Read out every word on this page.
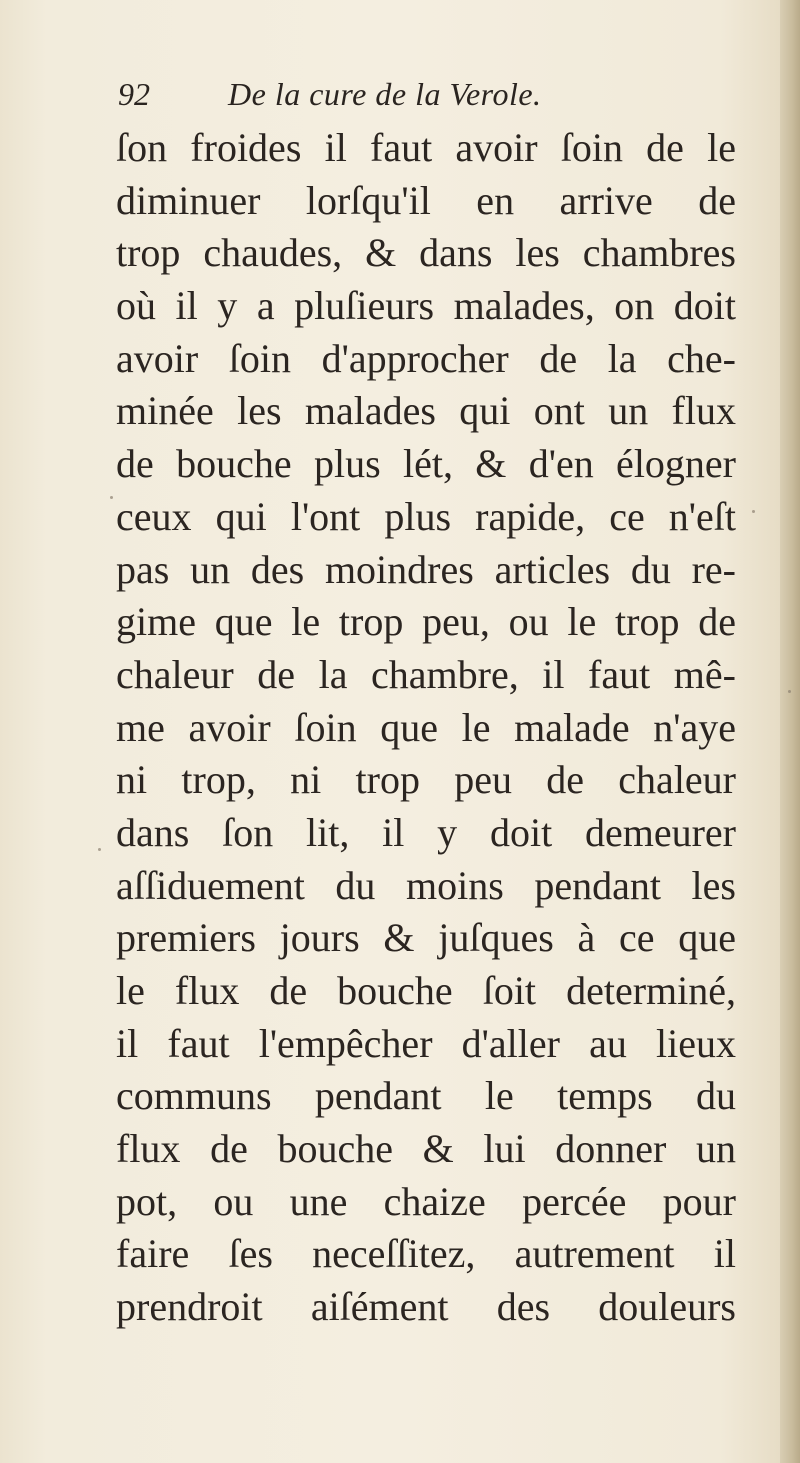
92 De la cure de la Verole.
ſon froides il faut avoir ſoin de le
diminuer lorſqu'il en arrive de
trop chaudes, & dans les chambres
où il y a pluſieurs malades, on doit
avoir ſoin d'approcher de la che-
minée les malades qui ont un flux
de bouche plus lét, & d'en élogner
ceux qui l'ont plus rapide, ce n'eſt
pas un des moindres articles du re-
gime que le trop peu, ou le trop de
chaleur de la chambre, il faut mê-
me avoir ſoin que le malade n'aye
ni trop, ni trop peu de chaleur
dans ſon lit, il y doit demeurer
aſſiduement du moins pendant les
premiers jours & juſques à ce que
le flux de bouche ſoit determiné,
il faut l'empêcher d'aller au lieux
communs pendant le temps du
flux de bouche & lui donner un
pot, ou une chaize percée pour
faire ſes neceſſitez, autrement il
prendroit aiſément des douleurs
